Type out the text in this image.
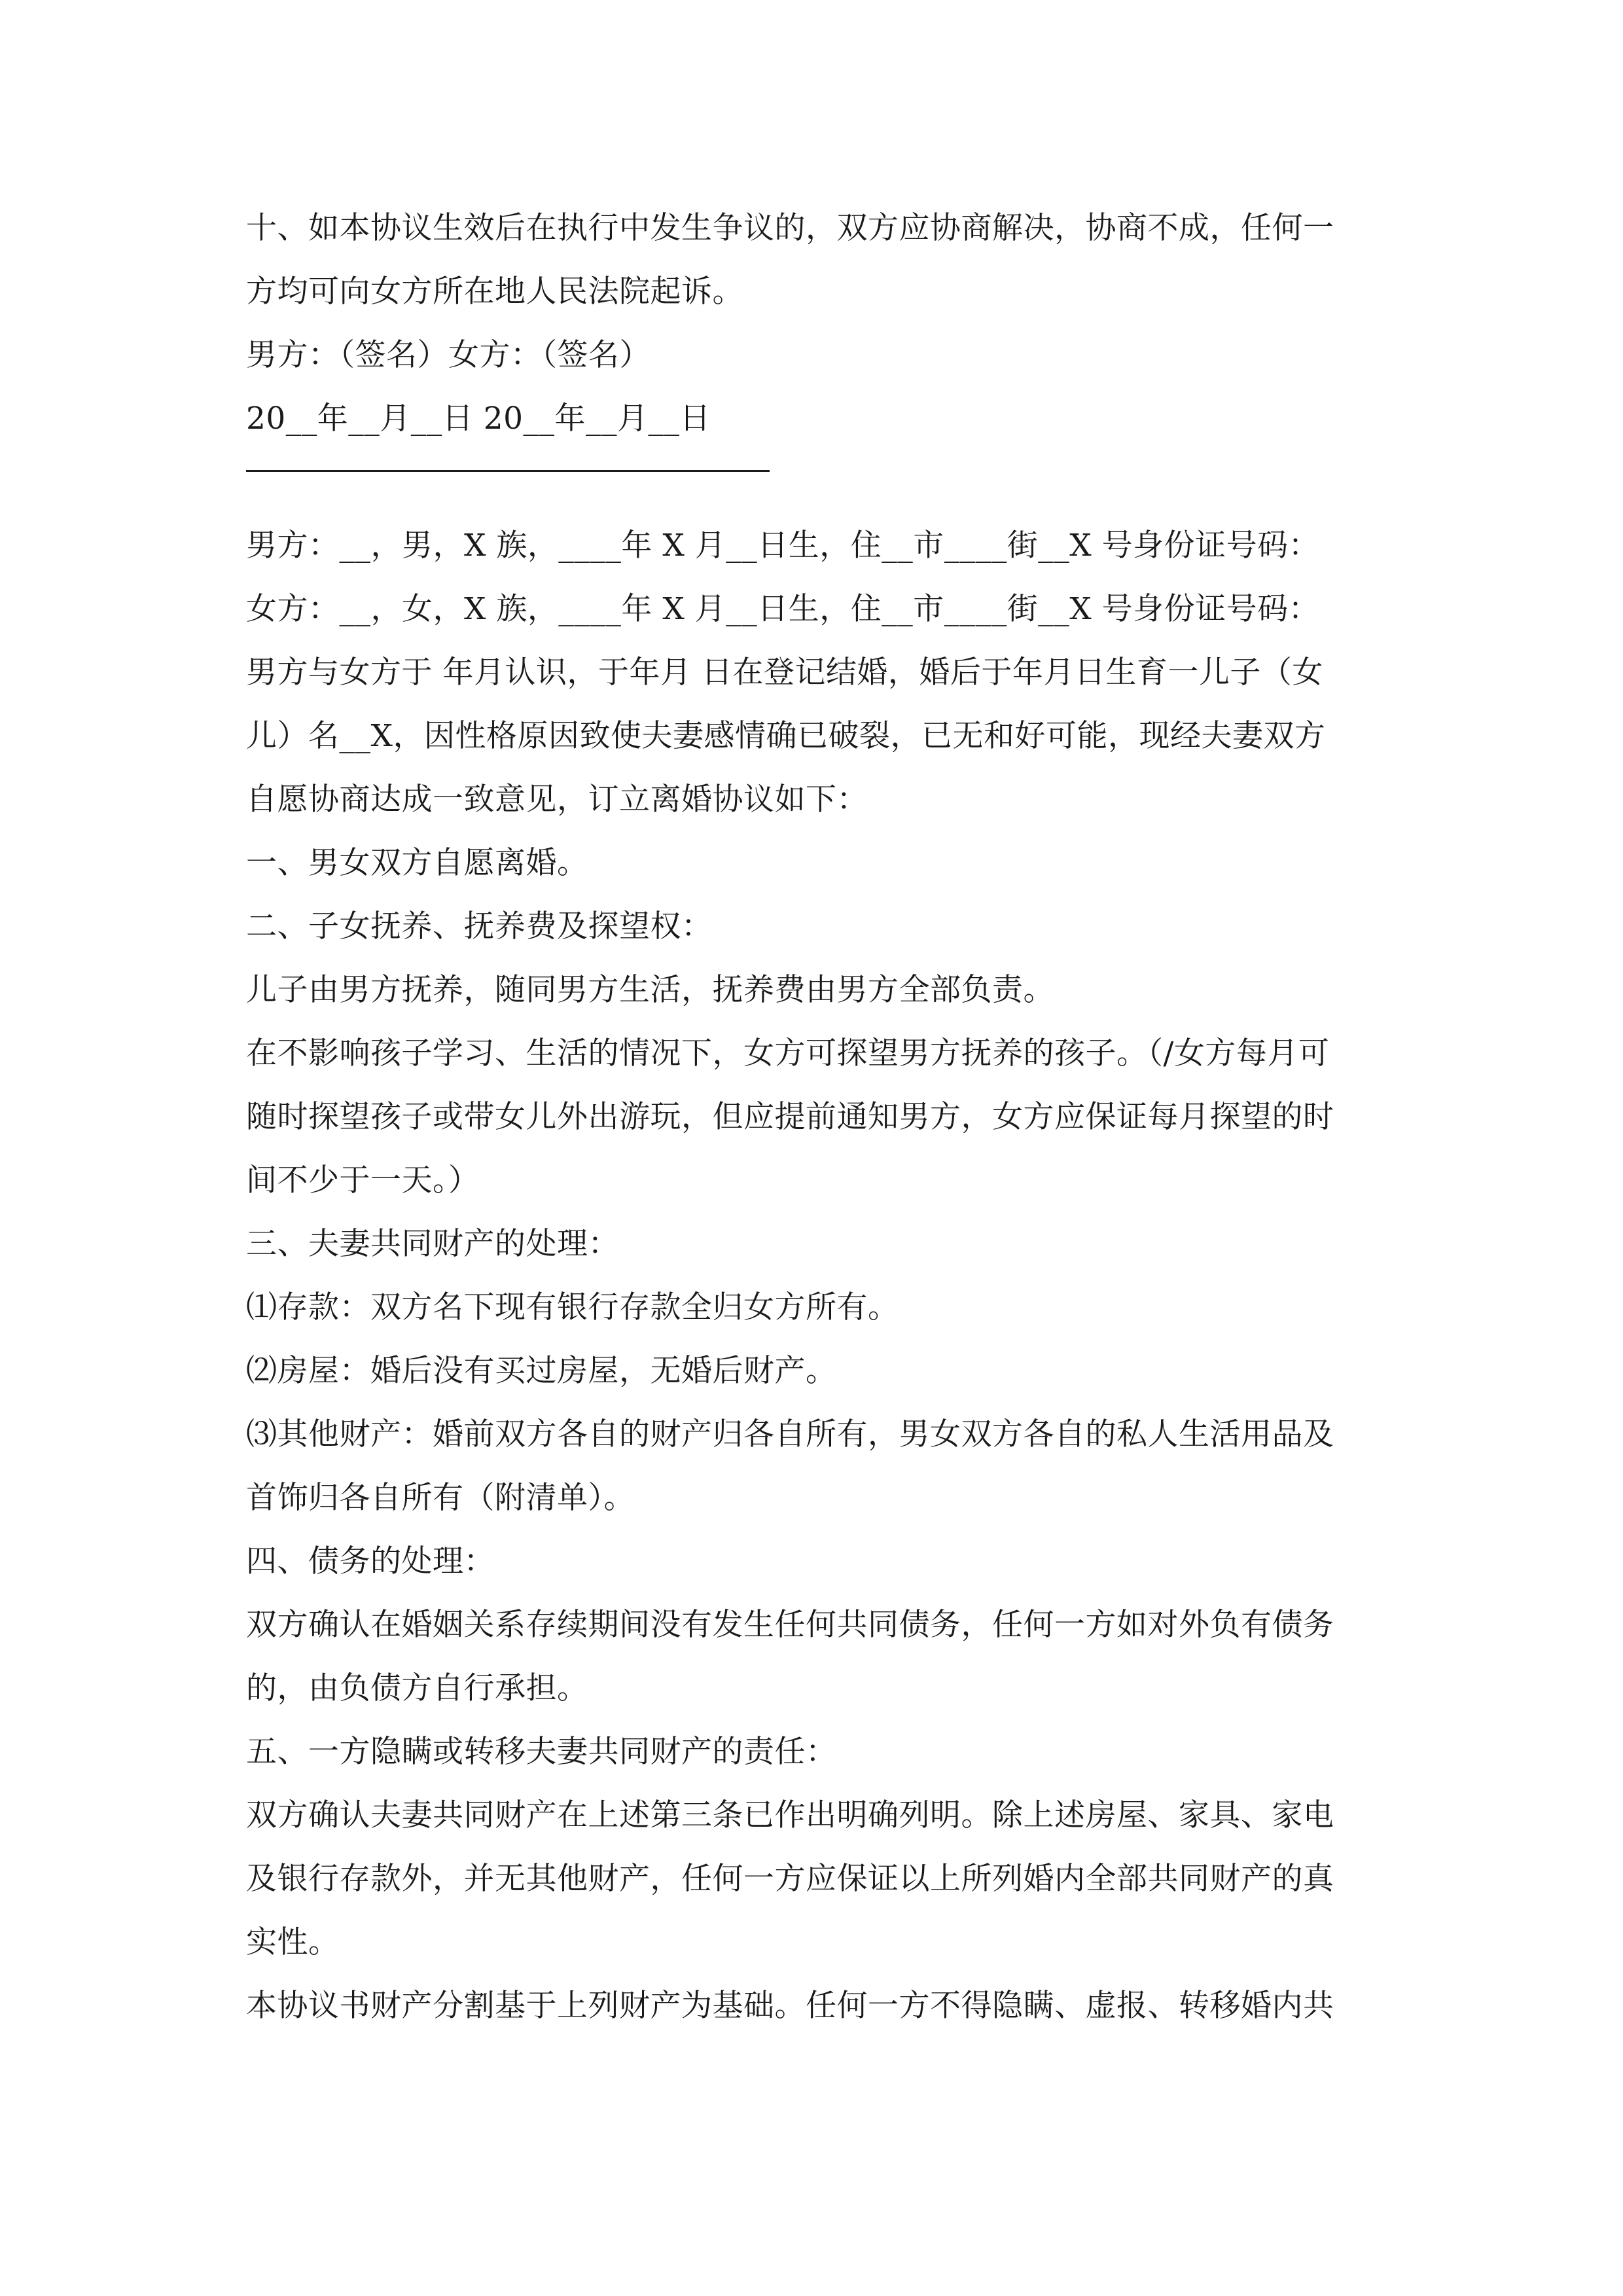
十、如本协议生效后在执行中发生争议的，双方应协商解决，协商不成，任何一
方均可向女方所在地人民法院起诉。
男方：（签名）女方：（签名）
20__年__月__日 20__年__月__日
男方：__，男，X 族，____年 X 月__日生，住__市____街__X 号身份证号码：
女方：__，女，X 族，____年 X 月__日生，住__市____街__X 号身份证号码：
男方与女方于 年月认识，于年月 日在登记结婚，婚后于年月日生育一儿子（女
儿）名__X，因性格原因致使夫妻感情确已破裂，已无和好可能，现经夫妻双方
自愿协商达成一致意见，订立离婚协议如下：
一、男女双方自愿离婚。
二、子女抚养、抚养费及探望权：
儿子由男方抚养，随同男方生活，抚养费由男方全部负责。
在不影响孩子学习、生活的情况下，女方可探望男方抚养的孩子。（/女方每月可
随时探望孩子或带女儿外出游玩，但应提前通知男方，女方应保证每月探望的时
间不少于一天。）
三、夫妻共同财产的处理：
⑴存款：双方名下现有银行存款全归女方所有。
⑵房屋：婚后没有买过房屋，无婚后财产。
⑶其他财产：婚前双方各自的财产归各自所有，男女双方各自的私人生活用品及
首饰归各自所有（附清单）。
四、债务的处理：
双方确认在婚姻关系存续期间没有发生任何共同债务，任何一方如对外负有债务
的，由负债方自行承担。
五、一方隐瞒或转移夫妻共同财产的责任：
双方确认夫妻共同财产在上述第三条已作出明确列明。除上述房屋、家具、家电
及银行存款外，并无其他财产，任何一方应保证以上所列婚内全部共同财产的真
实性。
本协议书财产分割基于上列财产为基础。任何一方不得隐瞒、虚报、转移婚内共
